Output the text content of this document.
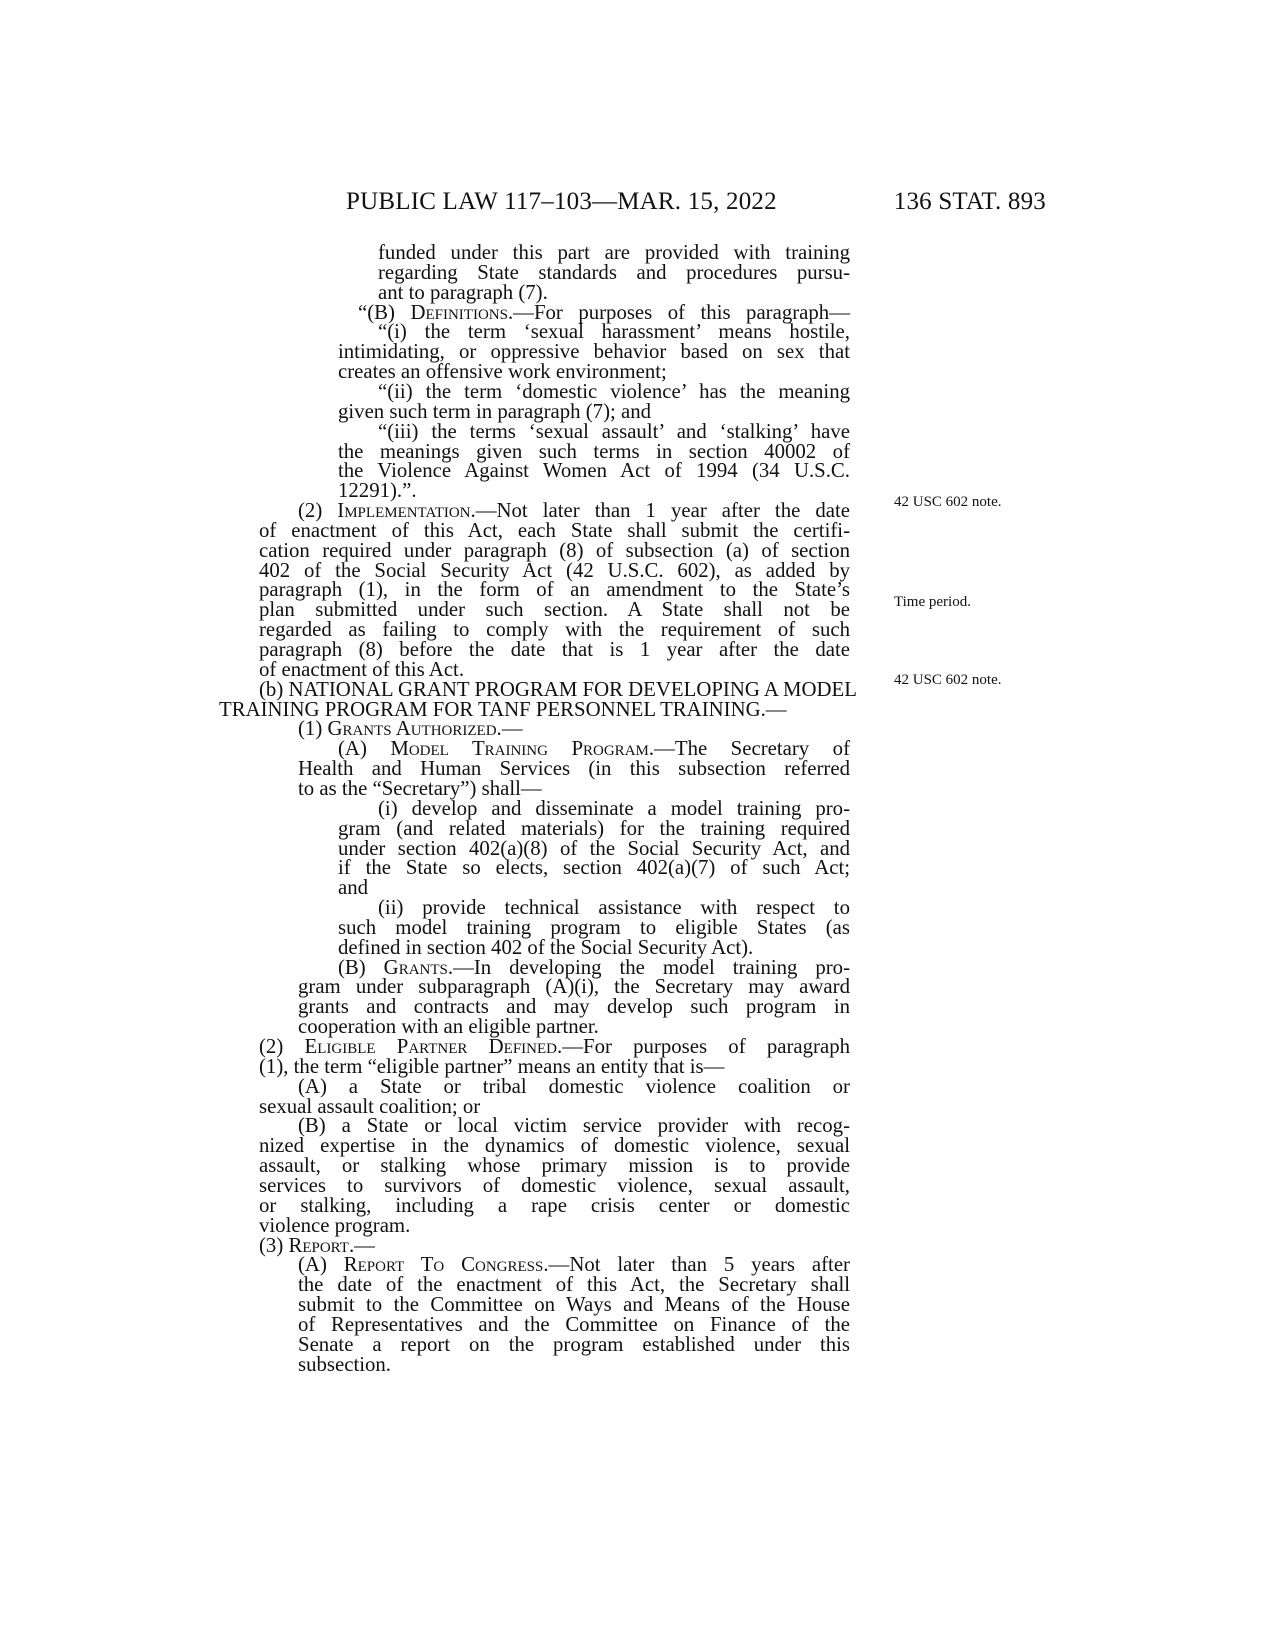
PUBLIC LAW 117–103—MAR. 15, 2022	136 STAT. 893
42 USC 602 note.
Time period.
42 USC 602 note.
funded under this part are provided with training
regarding State standards and procedures pursu-
ant to paragraph (7).
“(B) Definitions.—For purposes of this paragraph—
“(i) the term ‘sexual harassment’ means hostile,
intimidating, or oppressive behavior based on sex that
creates an offensive work environment;
“(ii) the term ‘domestic violence’ has the meaning
given such term in paragraph (7); and
“(iii) the terms ‘sexual assault’ and ‘stalking’ have
the meanings given such terms in section 40002 of
the Violence Against Women Act of 1994 (34 U.S.C.
12291).”.
(2) Implementation.—Not later than 1 year after the date
of enactment of this Act, each State shall submit the certifi-
cation required under paragraph (8) of subsection (a) of section
402 of the Social Security Act (42 U.S.C. 602), as added by
paragraph (1), in the form of an amendment to the State’s
plan submitted under such section. A State shall not be
regarded as failing to comply with the requirement of such
paragraph (8) before the date that is 1 year after the date
of enactment of this Act.
(b) NATIONAL GRANT PROGRAM FOR DEVELOPING A MODEL
TRAINING PROGRAM FOR TANF PERSONNEL TRAINING.—
(1) Grants Authorized.—
(A) Model Training Program.—The Secretary of
Health and Human Services (in this subsection referred
to as the “Secretary”) shall—
(i) develop and disseminate a model training pro-
gram (and related materials) for the training required
under section 402(a)(8) of the Social Security Act, and
if the State so elects, section 402(a)(7) of such Act;
and
(ii) provide technical assistance with respect to
such model training program to eligible States (as
defined in section 402 of the Social Security Act).
(B) Grants.—In developing the model training pro-
gram under subparagraph (A)(i), the Secretary may award
grants and contracts and may develop such program in
cooperation with an eligible partner.
(2) Eligible Partner Defined.—For purposes of paragraph
(1), the term “eligible partner” means an entity that is—
(A) a State or tribal domestic violence coalition or
sexual assault coalition; or
(B) a State or local victim service provider with recog-
nized expertise in the dynamics of domestic violence, sexual
assault, or stalking whose primary mission is to provide
services to survivors of domestic violence, sexual assault,
or stalking, including a rape crisis center or domestic
violence program.
(3) Report.—
(A) Report To Congress.—Not later than 5 years after
the date of the enactment of this Act, the Secretary shall
submit to the Committee on Ways and Means of the House
of Representatives and the Committee on Finance of the
Senate a report on the program established under this
subsection.
